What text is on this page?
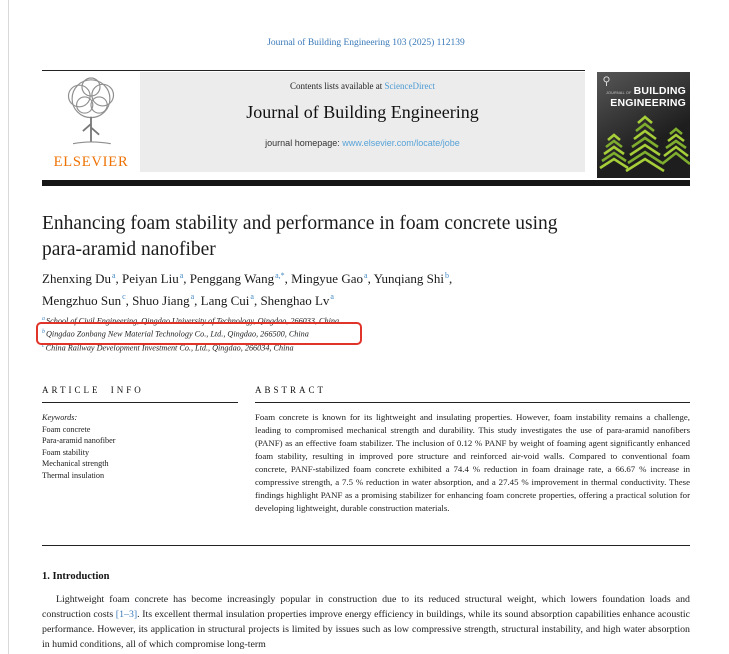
Journal of Building Engineering 103 (2025) 112139
ELSEVIER
Contents lists available at ScienceDirect
Journal of Building Engineering
journal homepage: www.elsevier.com/locate/jobe
JOURNAL OF BUILDING
ENGINEERING
Enhancing foam stability and performance in foam concrete using
para-aramid nanofiber
Zhenxing Du$^a$, Peiyan Liu$^a$, Penggang Wang$^{a,*}$, Mingyue Gao$^a$, Yunqiang Shi$^b$,
Mengzhuo Sun$^c$, Shuo Jiang$^a$, Lang Cui$^a$, Shenghao Lv$^a$
$^a$School of Civil Engineering, Qingdao University of Technology, Qingdao, 266033, China
$^b$Qingdao Zonbang New Material Technology Co., Ltd., Qingdao, 266500, China
$^c$China Railway Development Investment Co., Ltd., Qingdao, 266034, China
ARTICLE INFO
Keywords:
Foam concrete
Para-aramid nanofiber
Foam stability
Mechanical strength
Thermal insulation
ABSTRACT
Foam concrete is known for its lightweight and insulating properties. However, foam instability remains a challenge, leading to compromised mechanical strength and durability. This study investigates the use of para-aramid nanofibers (PANF) as an effective foam stabilizer. The inclusion of 0.12 % PANF by weight of foaming agent significantly enhanced foam stability, resulting in improved pore structure and reinforced air-void walls. Compared to conventional foam concrete, PANF-stabilized foam concrete exhibited a 74.4 % reduction in foam drainage rate, a 66.67 % increase in compressive strength, a 7.5 % reduction in water absorption, and a 27.45 % improvement in thermal conductivity. These findings highlight PANF as a promising stabilizer for enhancing foam concrete properties, offering a practical solution for developing lightweight, durable construction materials.
1. Introduction

Lightweight foam concrete has become increasingly popular in construction due to its reduced structural weight, which lowers foundation loads and construction costs [1–3]. Its excellent thermal insulation properties improve energy efficiency in buildings, while its sound absorption capabilities enhance acoustic performance. However, its application in structural projects is limited by issues such as low compressive strength, structural instability, and high water absorption in humid conditions, all of which compromise long-term
